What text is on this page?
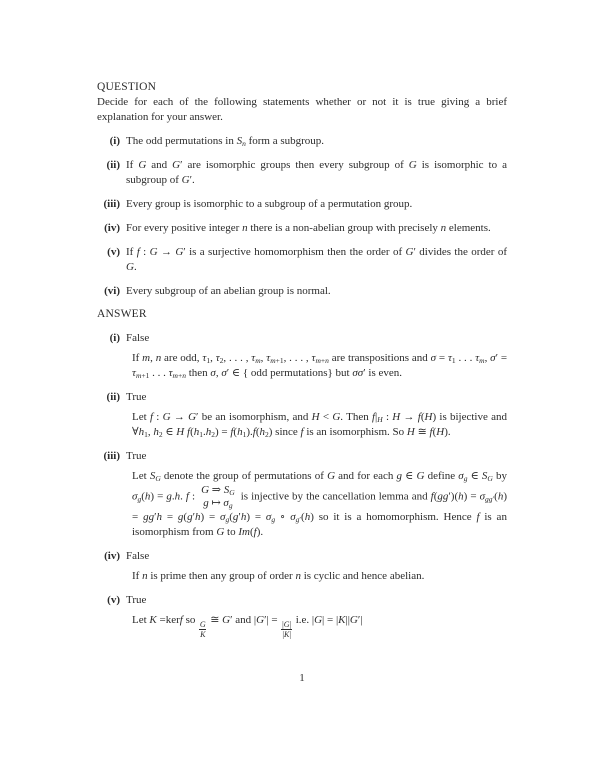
QUESTION

Decide for each of the following statements whether or not it is true giving a brief explanation for your answer.

(i) The odd permutations in $S_n$ form a subgroup.
(ii) If G and G′ are isomorphic groups then every subgroup of G is isomorphic to a subgroup of G′.
(iii) Every group is isomorphic to a subgroup of a permutation group.
(iv) For every positive integer n there is a non-abelian group with precisely n elements.
(v) If f : G → G′ is a surjective homomorphism then the order of G′ divides the order of G.
(vi) Every subgroup of an abelian group is normal.
ANSWER
(i) False
If m, n are odd, $\tau_1$, $\tau_2$, . . . , $\tau_m$, $\tau_{m+1}$, . . . , $\tau_{m+n}$ are transpositions and $\sigma = \tau_1$ . . . $\tau_m$, $\sigma' = \tau_{m+1}$ . . . $\tau_{m+n}$ then σ, σ′ ∈ { odd permutations} but σσ′ is even.
(ii) True
Let f : G → G′ be an isomorphism, and H < G. Then $f|_H$ : H → f(H) is bijective and $\forall h_1$, $h_2$ ∈ H $f(h_1.h_2) = f(h_1).f(h_2)$ since f is an isomorphism. So H ≅ f(H).
(iii) True
Let $S_G$ denote the group of permutations of G and for each g ∈ G define $\sigma_g$ ∈ $S_G$ by $\sigma_g(h) = g.h$. f :
G ⇒ $S_G$
g ↦ $\sigma_g$
is injective by the cancellation lemma and $f(gg')(h) = \sigma_{gg'}(h) = gg'h = g(g'h) = \sigma_g(g'h) = \sigma_g$ ∘ $\sigma_{g'}(h)$ so it is a homomorphism. Hence f is an isomorphism from G to Im(f).
(iv) False
If n is prime then any group of order n is cyclic and hence abelian.
(v) True
Let K =kerf so $\frac{G}{K}$ ≅ G′ and $|G'| = \frac{|G|}{|K|} i.e$. |G| = |K||G′|
1
